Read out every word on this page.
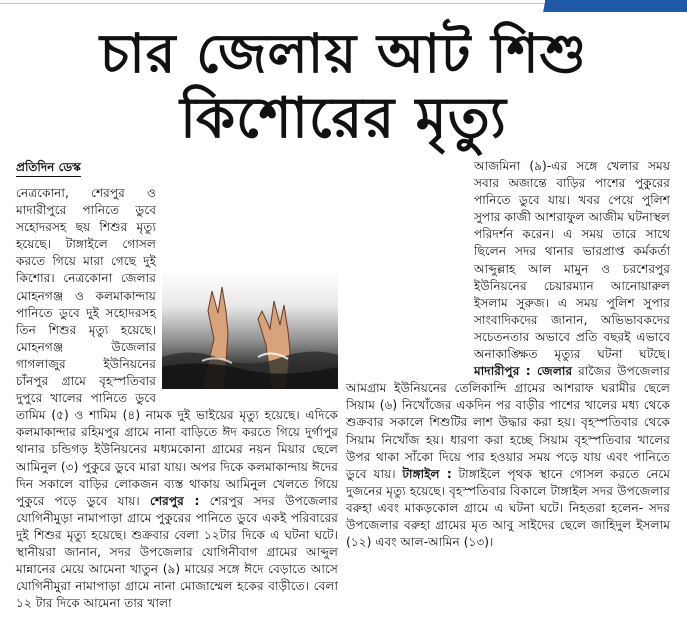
চার জেলায় আট শিশু
কিশোরের মৃত্যু
প্রতিদিন ডেস্ক

নেত্রকোনা, শেরপুর ও মাদারীপুরে পানিতে ডুবে সহোদরসহ ছয় শিশুর মৃত্যু হয়েছে। টাঙ্গাইলে গোসল করতে গিয়ে মারা গেছে দুই কিশোর। নেত্রকোনা জেলার মোহনগঞ্জ ও কলমাকান্দায় পানিতে ডুবে দুই সহোদরসহ তিন শিশুর মৃত্যু হয়েছে। মোহনগঞ্জ উজেলার গাগলাজুর ইউনিয়নের চাঁনপুর গ্রামে বৃহস্পতিবার দুপুরে খালের পানিতে ডুবে তামিম (৫) ও শামিম (৪) নামক দুই ভাইয়ের মৃত্যু হয়েছে। এদিকে কলমাকান্দার রহিমপুর গ্রামে নানা বাড়িতে ঈদ করতে গিয়ে দুর্গাপুর থানার চন্ডিগড় ইউনিয়নের মধ্যমকোনা গ্রামের নয়ন মিয়ার ছেলে আমিনুল (৩) পুকুরে ডুবে মারা যায়। অপর দিকে কলমাকান্দায় ঈদের দিন সকালে বাড়ির লোকজন ব্যস্ত থাকায় আমিনুল খেলতে গিয়ে পুকুরে পড়ে ডুবে যায়। শেরপুর : শেরপুর সদর উপজেলার যোগিনীমুড়া নামাপাড়া গ্রামে পুকুরের পানিতে ডুবে একই পরিবারের দুই শিশুর মৃত্যু হয়েছে। শুক্রবার বেলা ১২টার দিকে এ ঘটনা ঘটে। স্থানীয়রা জানান, সদর উপজেলার যোগিনীবাগ গ্রামের আব্দুল মান্নানের মেয়ে আমেনা খাতুন (৯) মায়ের সঙ্গে ঈদে বেড়াতে আসে যোগিনীমুরা নামাপাড়া গ্রামে নানা মোজাম্মেল হকের বাড়ীতে। বেলা ১২ টার দিকে আমেনা তার খালা

আজমিনা (৯)-এর সঙ্গে খেলার সময় সবার অজান্তে বাড়ির পাশের পুকুরের পানিতে ডুবে যায়। খবর পেয়ে পুলিশ সুপার কাজী আশরাফুল আজীম ঘটনাস্থল পরিদর্শন করেন। এ সময় তারে সাথে ছিলেন সদর থানার ভারপ্রাপ্ত কর্মকর্তা আব্দুল্লাহ আল মামুন ও চরশেরপুর ইউনিয়নের চেয়ারম্যান আনোয়ারুল ইসলাম সুরুজ। এ সময় পুলিশ সুপার সাংবাদিকদের জানান, অভিভাবকদের সচেতনতার অভাবে প্রতি বছরই এভাবে অনাকাঙ্ক্ষিত মৃত্যুর ঘটনা ঘটছে। মাদারীপুর : জেলার রাজৈর উপজেলার আমগ্রাম ইউনিয়নের তেলিকান্দি গ্রামের আশরাফ ঘরামীর ছেলে সিয়াম (৬) নিখোঁজের একদিন পর বাড়ীর পাশের খালের মধ্য থেকে শুক্রবার সকালে শিশুটির লাশ উদ্ধার করা হয়। বৃহস্পতিবার থেকে সিয়াম নিখোঁজ হয়। ধারণা করা হচ্ছে সিয়াম বৃহস্পতিবার খালের উপর থাকা সাঁকো দিয়ে পার হওয়ার সময় পড়ে যায় এবং পানিতে ডুবে যায়। টাঙ্গাইল : টাঙ্গাইলে পৃথক স্থানে গোসল করতে নেমে দুজনের মৃত্যু হয়েছে। বৃহস্পতিবার বিকালে টাঙ্গাইল সদর উপজেলার বরুহা এবং মাকড়কোল গ্রামে এ ঘটনা ঘটে। নিহতরা হলেন- সদর উপজেলার বরুহা গ্রামের মৃত আবু সাইদের ছেলে জাহিদুল ইসলাম (১২) এবং আল-আমিন (১৩)।
